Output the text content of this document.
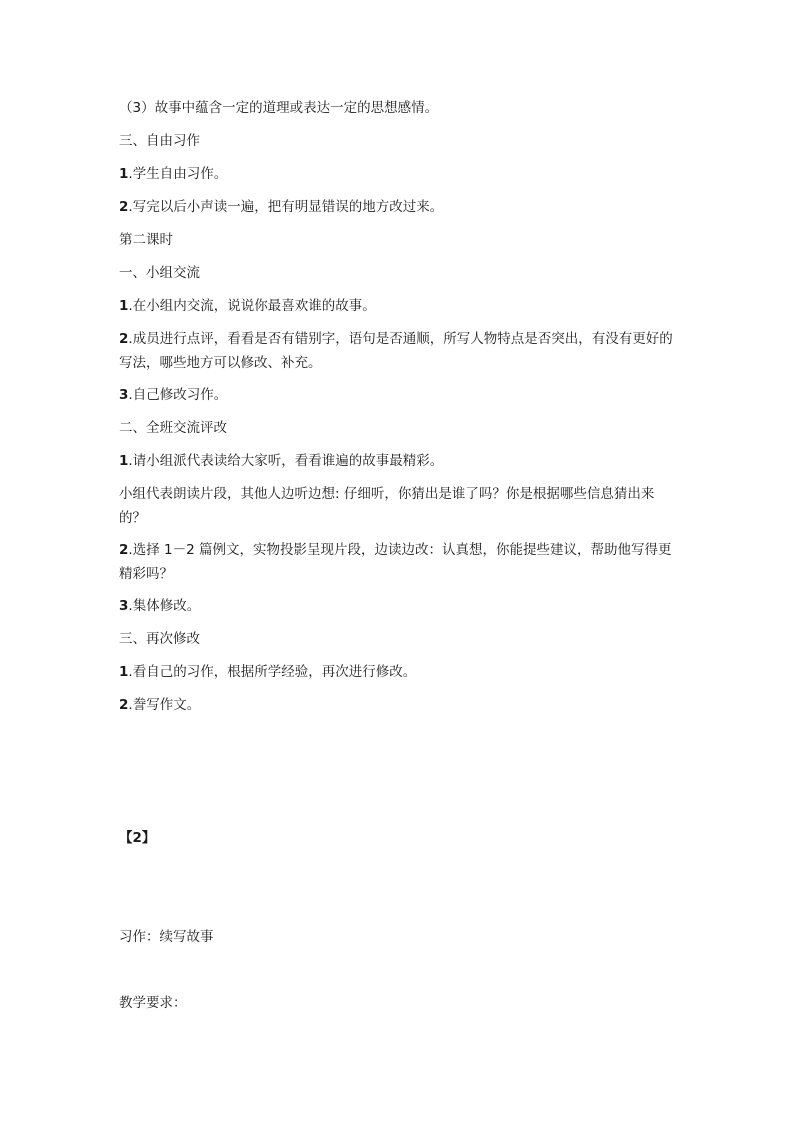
（3）故事中蕴含一定的道理或表达一定的思想感情。
三、自由习作
1.学生自由习作。
2.写完以后小声读一遍，把有明显错误的地方改过来。
第二课时
一、小组交流
1.在小组内交流，说说你最喜欢谁的故事。
2.成员进行点评，看看是否有错别字，语句是否通顺，所写人物特点是否突出，有没有更好的写法，哪些地方可以修改、补充。
3.自己修改习作。
二、全班交流评改
1.请小组派代表读给大家听，看看谁遍的故事最精彩。
小组代表朗读片段，其他人边听边想: 仔细听，你猜出是谁了吗？你是根据哪些信息猜出来的？
2.选择 1－2 篇例文，实物投影呈现片段，边读边改：认真想，你能提些建议，帮助他写得更精彩吗？
3.集体修改。
三、再次修改
1.看自己的习作，根据所学经验，再次进行修改。
2.誊写作文。
【2】
习作：续写故事
教学要求：
